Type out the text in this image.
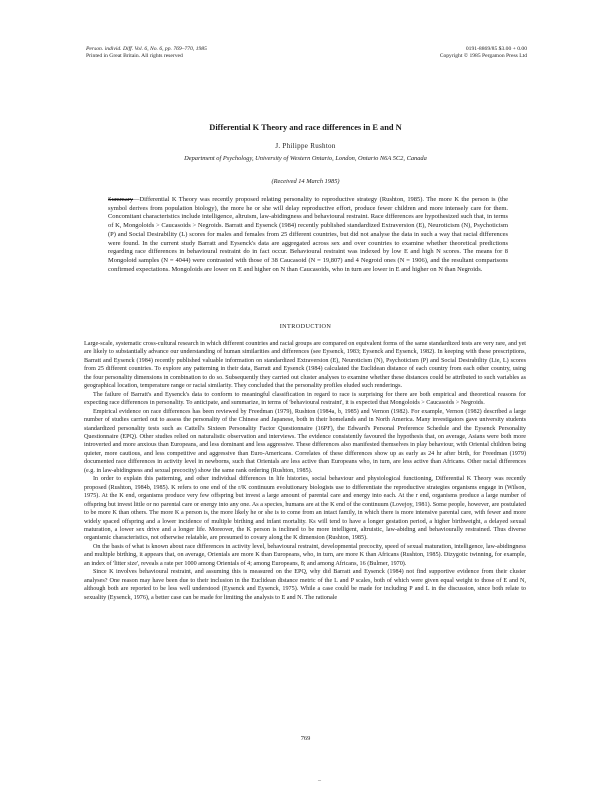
Person. individ. Diff. Vol. 6, No. 6, pp. 769–770, 1985
Printed in Great Britain. All rights reserved
0191-8869/85 $3.00 + 0.00
Copyright © 1985 Pergamon Press Ltd
Differential K Theory and race differences in E and N
J. Philippe Rushton
Department of Psychology, University of Western Ontario, London, Ontario N6A 5C2, Canada
(Received 14 March 1985)
Summary—Differential K Theory was recently proposed relating personality to reproductive strategy (Rushton, 1985). The more K the person is (the symbol derives from population biology), the more he or she will delay reproductive effort, produce fewer children and more intensely care for them. Concomitant characteristics include intelligence, altruism, law-abidingness and behavioural restraint. Race differences are hypothesized such that, in terms of K, Mongoloids > Caucasoids > Negroids. Barratt and Eysenck (1984) recently published standardized Extraversion (E), Neuroticism (N), Psychoticism (P) and Social Desirability (L) scores for males and females from 25 different countries, but did not analyse the data in such a way that racial differences were found. In the current study Barratt and Eysenck's data are aggregated across sex and over countries to examine whether theoretical predictions regarding race differences in behavioural restraint do in fact occur. Behavioural restraint was indexed by low E and high N scores. The means for 8 Mongoloid samples (N = 4044) were contrasted with those of 38 Caucasoid (N = 19,807) and 4 Negroid ones (N = 1906), and the resultant comparisons confirmed expectations. Mongoloids are lower on E and higher on N than Caucasoids, who in turn are lower in E and higher on N than Negroids.
INTRODUCTION

Large-scale, systematic cross-cultural research in which different countries and racial groups are compared on equivalent forms of the same standardized tests are very rare, and yet are likely to substantially advance our understanding of human similarities and differences (see Eysenck, 1983; Eysenck and Eysenck, 1982). In keeping with these prescriptions, Barratt and Eysenck (1984) recently published valuable information on standardized Extraversion (E), Neuroticism (N), Psychoticism (P) and Social Desirability (Lie, L) scores from 25 different countries. To explore any patterning in their data, Barratt and Eysenck (1984) calculated the Euclidean distance of each country from each other country, using the four personality dimensions in combination to do so. Subsequently they carried out cluster analyses to examine whether these distances could be attributed to such variables as geographical location, temperature range or racial similarity. They concluded that the personality profiles eluded such renderings.

The failure of Barratt's and Eysenck's data to conform to meaningful classification in regard to race is surprising for there are both empirical and theoretical reasons for expecting race differences in personality. To anticipate, and summarize, in terms of 'behavioural restraint', it is expected that Mongoloids > Caucasoids > Negroids.

Empirical evidence on race differences has been reviewed by Freedman (1979), Rushton (1984a, b, 1985) and Vernon (1982). For example, Vernon (1982) described a large number of studies carried out to assess the personality of the Chinese and Japanese, both in their homelands and in North America. Many investigators gave university students standardized personality tests such as Cattell's Sixteen Personality Factor Questionnaire (16PF), the Edward's Personal Preference Schedule and the Eysenck Personality Questionnaire (EPQ). Other studies relied on naturalistic observation and interviews. The evidence consistently favoured the hypothesis that, on average, Asians were both more introverted and more anxious than Europeans, and less dominant and less aggressive. These differences also manifested themselves in play behaviour, with Oriental children being quieter, more cautious, and less competitive and aggressive than Euro-Americans. Correlates of these differences show up as early as 24 hr after birth, for Freedman (1979) documented race differences in activity level in newborns, such that Orientals are less active than Europeans who, in turn, are less active than Africans. Other racial differences (e.g. in law-abidingness and sexual precocity) show the same rank ordering (Rushton, 1985).

In order to explain this patterning, and other individual differences in life histories, social behaviour and physiological functioning, Differential K Theory was recently proposed (Rushton, 1984b, 1985). K refers to one end of the r/K continuum evolutionary biologists use to differentiate the reproductive strategies organisms engage in (Wilson, 1975). At the K end, organisms produce very few offspring but invest a large amount of parental care and energy into each. At the r end, organisms produce a large number of offspring but invest little or no parental care or energy into any one. As a species, humans are at the K end of the continuum (Lovejoy, 1981). Some people, however, are postulated to be more K than others. The more K a person is, the more likely he or she is to come from an intact family, in which there is more intensive parental care, with fewer and more widely spaced offspring and a lower incidence of multiple birthing and infant mortality. Ks will tend to have a longer gestation period, a higher birthweight, a delayed sexual maturation, a lower sex drive and a longer life. Moreover, the K person is inclined to be more intelligent, altruistic, law-abiding and behaviourally restrained. Thus diverse organismic characteristics, not otherwise relatable, are presumed to covary along the K dimension (Rushton, 1985).

On the basis of what is known about race differences in activity level, behavioural restraint, developmental precocity, speed of sexual maturation, intelligence, law-abidingness and multiple birthing, it appears that, on average, Orientals are more K than Europeans, who, in turn, are more K than Africans (Rushton, 1985). Dizygotic twinning, for example, an index of 'litter size', reveals a rate per 1000 among Orientals of 4; among Europeans, 8; and among Africans, 16 (Bulmer, 1970).

Since K involves behavioural restraint, and assuming this is measured on the EPQ, why did Barratt and Eysenck (1984) not find supportive evidence from their cluster analyses? One reason may have been due to their inclusion in the Euclidean distance metric of the L and P scales, both of which were given equal weight to those of E and N, although both are reported to be less well understood (Eysenck and Eysenck, 1975). While a case could be made for including P and L in the discussion, since both relate to sexuality (Eysenck, 1976), a better case can be made for limiting the analysis to E and N. The rationale

769
–
